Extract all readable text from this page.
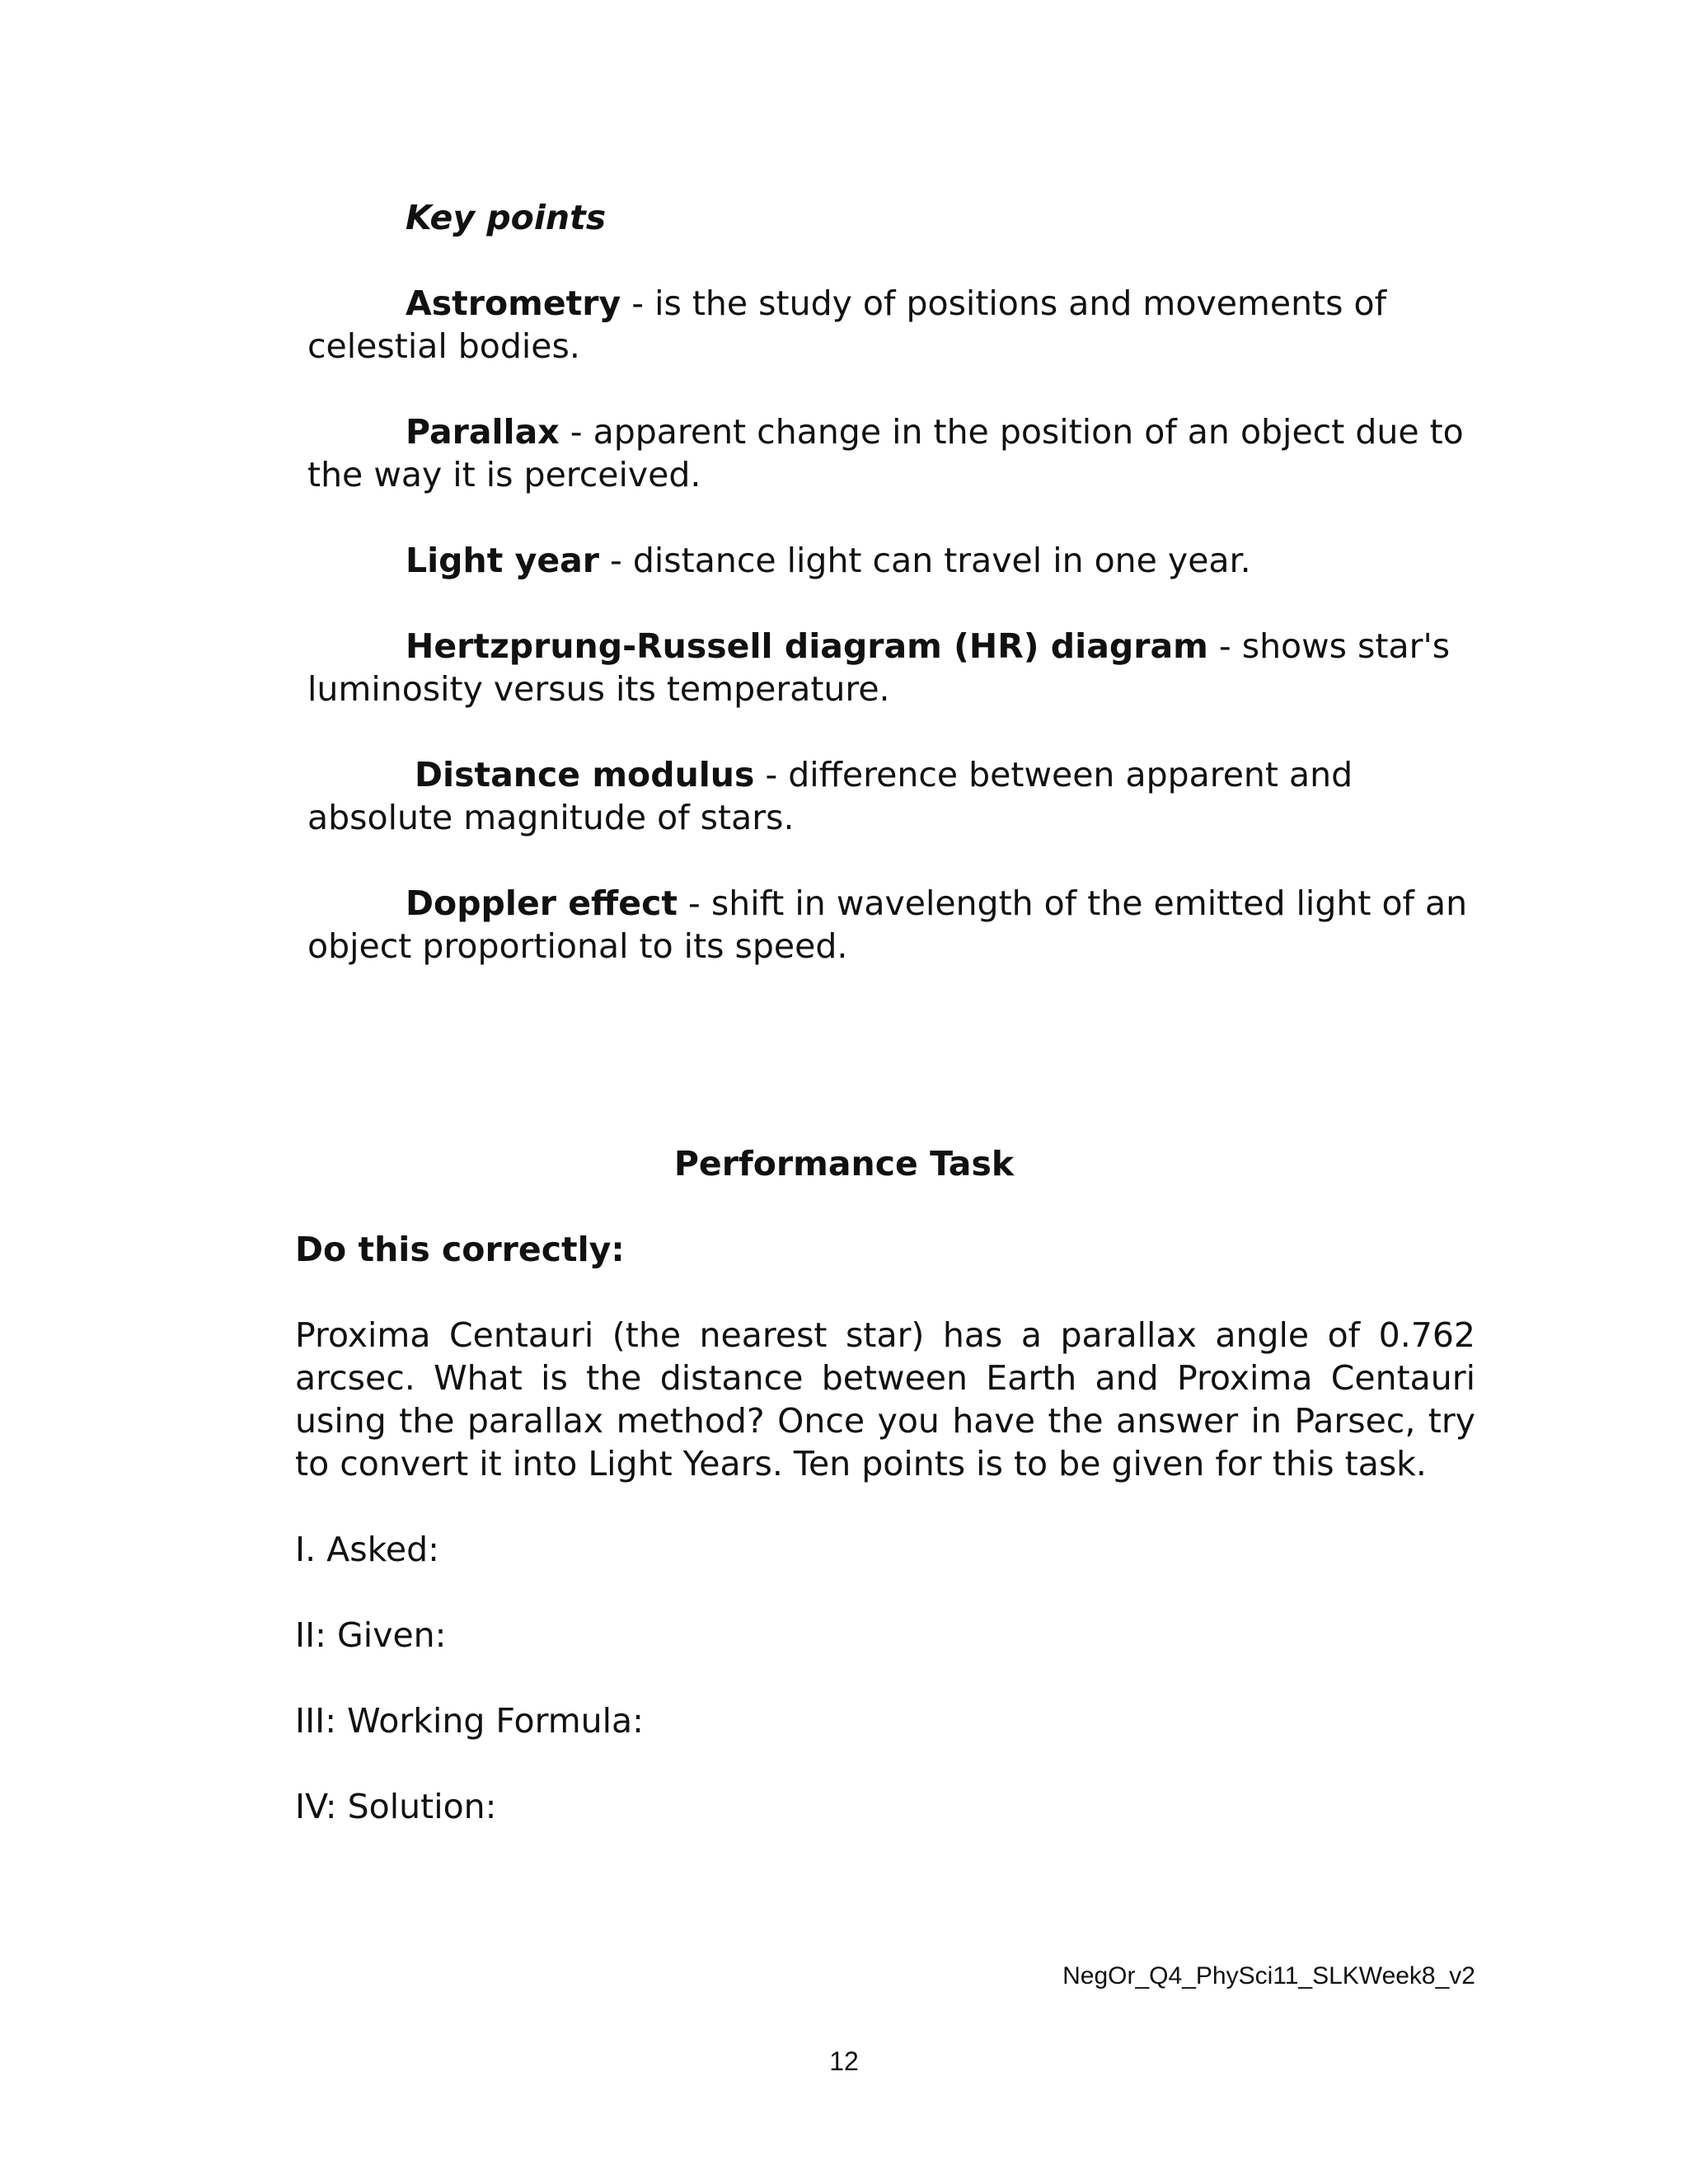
Key points

Astrometry - is the study of positions and movements of celestial bodies.

Parallax - apparent change in the position of an object due to the way it is perceived.

Light year - distance light can travel in one year.

Hertzprung-Russell diagram (HR) diagram - shows star's luminosity versus its temperature.

Distance modulus - difference between apparent and absolute magnitude of stars.

Doppler effect - shift in wavelength of the emitted light of an object proportional to its speed.

Performance Task
Do this correctly:

Proxima Centauri (the nearest star) has a parallax angle of 0.762 arcsec. What is the distance between Earth and Proxima Centauri using the parallax method? Once you have the answer in Parsec, try to convert it into Light Years. Ten points is to be given for this task.

I. Asked:
II: Given:
III: Working Formula:
IV: Solution:
NegOr_Q4_PhySci11_SLKWeek8_v2
12
